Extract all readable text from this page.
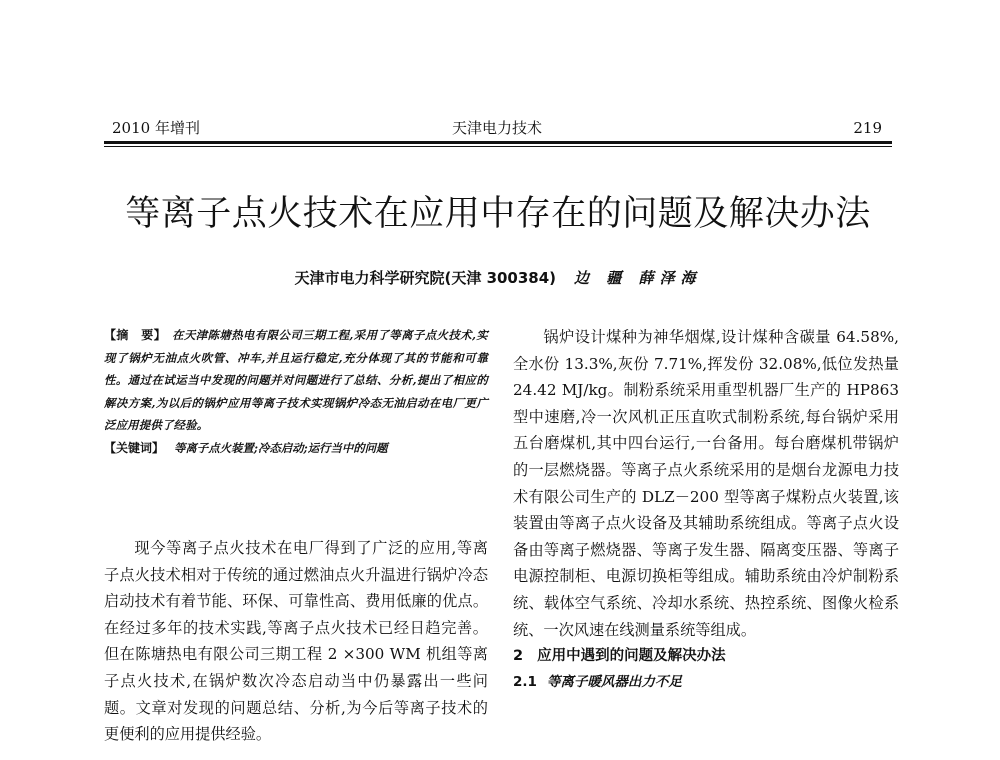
2010 年增刊	天津电力技术	219
等离子点火技术在应用中存在的问题及解决办法
天津市电力科学研究院(天津 300384) 边 疆 薛泽海

【摘　要】 在天津陈塘热电有限公司三期工程,采用了等离子点火技术,实现了锅炉无油点火吹管、冲车,并且运行稳定,充分体现了其的节能和可靠性。通过在试运当中发现的问题并对问题进行了总结、分析,提出了相应的解决方案,为以后的锅炉应用等离子技术实现锅炉冷态无油启动在电厂更广泛应用提供了经验。

【关键词】 等离子点火装置;冷态启动;运行当中的问题

现今等离子点火技术在电厂得到了广泛的应用,等离子点火技术相对于传统的通过燃油点火升温进行锅炉冷态启动技术有着节能、环保、可靠性高、费用低廉的优点。在经过多年的技术实践,等离子点火技术已经日趋完善。但在陈塘热电有限公司三期工程 2 ×300 WM 机组等离子点火技术,在锅炉数次冷态启动当中仍暴露出一些问题。文章对发现的问题总结、分析,为今后等离子技术的更便利的应用提供经验。

锅炉设计煤种为神华烟煤,设计煤种含碳量 64.58%,全水份 13.3%,灰份 7.71%,挥发份 32.08%,低位发热量 24.42 MJ/kg。制粉系统采用重型机器厂生产的 HP863 型中速磨,冷一次风机正压直吹式制粉系统,每台锅炉采用五台磨煤机,其中四台运行,一台备用。每台磨煤机带锅炉的一层燃烧器。等离子点火系统采用的是烟台龙源电力技术有限公司生产的 DLZ－200 型等离子煤粉点火装置,该装置由等离子点火设备及其辅助系统组成。等离子点火设备由等离子燃烧器、等离子发生器、隔离变压器、等离子电源控制柜、电源切换柜等组成。辅助系统由冷炉制粉系统、载体空气系统、冷却水系统、热控系统、图像火检系统、一次风速在线测量系统等组成。

2 应用中遇到的问题及解决办法

2.1 等离子暖风器出力不足
